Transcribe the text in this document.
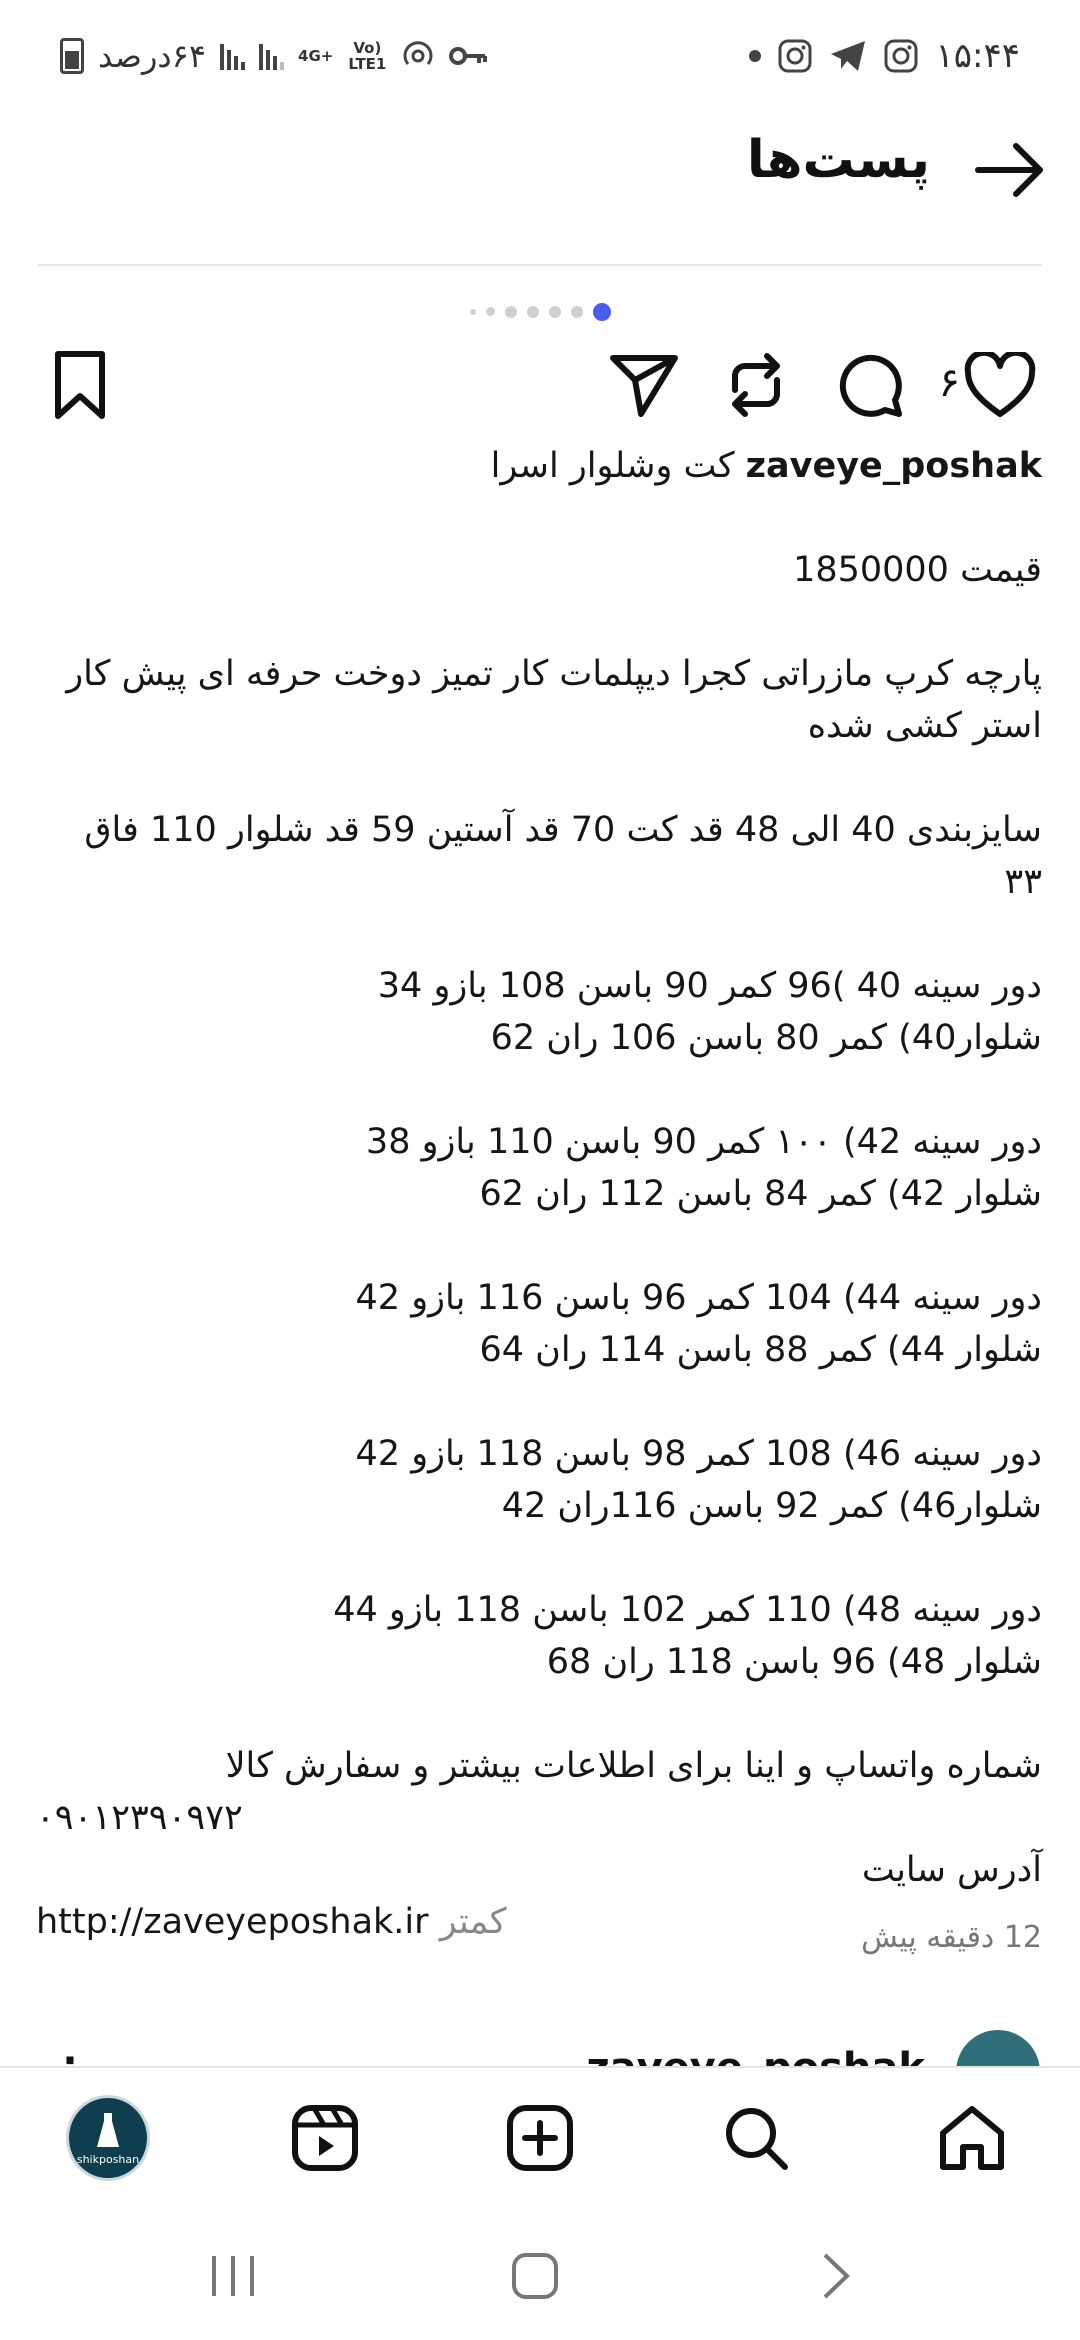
۶۴درصد	4G+	Vo) LTE1	۱۵:۴۴
پست‌ها
۶

zaveye_poshak کت وشلوار اسرا

قیمت 1850000

پارچه کرپ مازراتی کجرا دیپلمات کار تمیز دوخت حرفه ای پیش کار

استر کشی شده

سایزبندی 40 الی 48 قد کت 70 قد آستین 59 قد شلوار 110 فاق ۳۳

دور سینه 40 )96 کمر 90 باسن 108 بازو 34

شلوار40) کمر 80 باسن 106 ران 62

دور سینه 42) ۱۰۰ کمر 90 باسن 110 بازو 38

شلوار 42) کمر 84 باسن 112 ران 62

دور سینه 44) 104 کمر 96 باسن 116 بازو 42

شلوار 44) کمر 88 باسن 114 ران 64

دور سینه 46) 108 کمر 98 باسن 118 بازو 42

شلوار46) کمر 92 باسن 116ران 42

دور سینه 48) 110 کمر 102 باسن 118 بازو 44

شلوار 48) 96 باسن 118 ران 68

شماره واتساپ و اینا برای اطلاعات بیشتر و سفارش کالا

۰۹۰۱۲۳۹۰۹۷۲

آدرس سایت

http://zaveyeposhak.ir کمتر	12 دقیقه پیش
shikposhan
